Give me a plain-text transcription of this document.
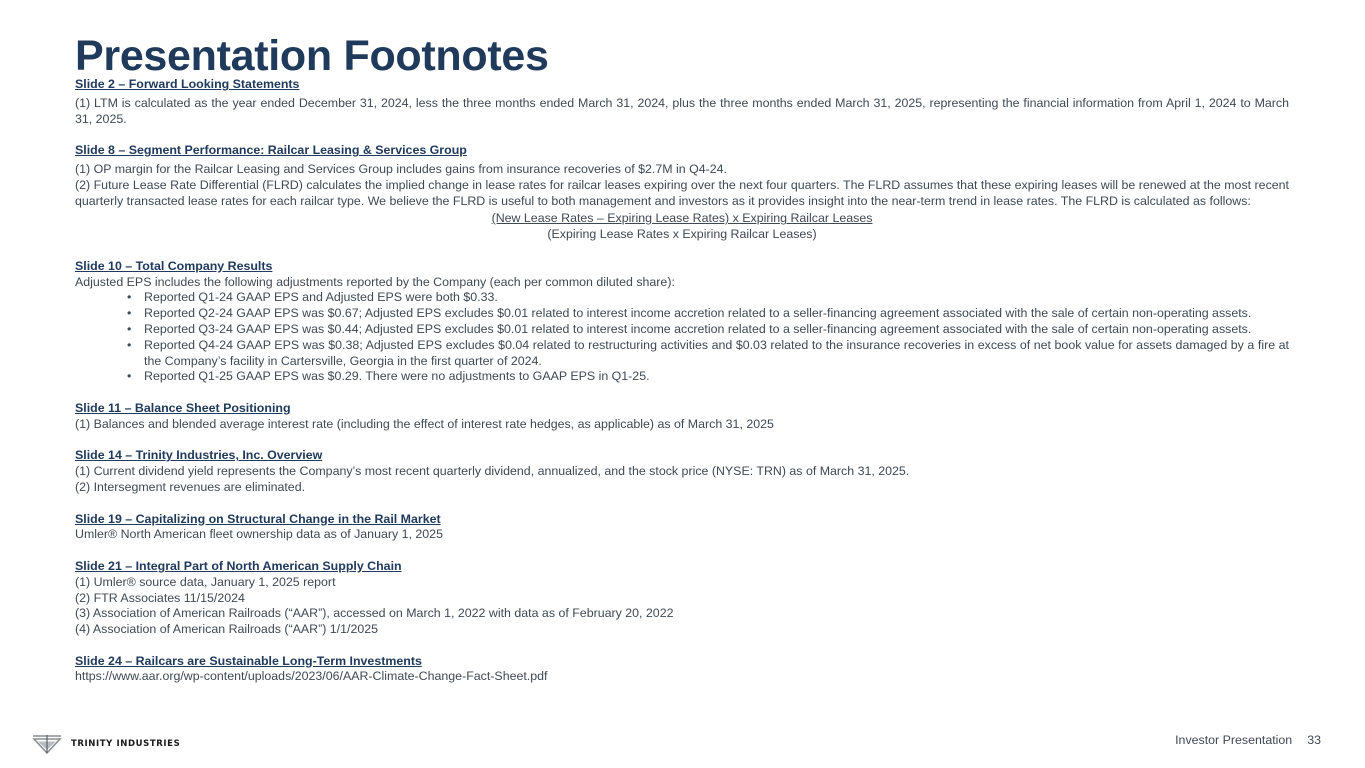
Presentation Footnotes

Slide 2 – Forward Looking Statements

(1) LTM is calculated as the year ended December 31, 2024, less the three months ended March 31, 2024, plus the three months ended March 31, 2025, representing the financial information from April 1, 2024 to March 31, 2025.

Slide 8 – Segment Performance: Railcar Leasing & Services Group

(1) OP margin for the Railcar Leasing and Services Group includes gains from insurance recoveries of $2.7M in Q4-24.

(2) Future Lease Rate Differential (FLRD) calculates the implied change in lease rates for railcar leases expiring over the next four quarters. The FLRD assumes that these expiring leases will be renewed at the most recent quarterly transacted lease rates for each railcar type. We believe the FLRD is useful to both management and investors as it provides insight into the near-term trend in lease rates. The FLRD is calculated as follows:

(New Lease Rates – Expiring Lease Rates) x Expiring Railcar Leases
(Expiring Lease Rates x Expiring Railcar Leases)

Slide 10 – Total Company Results

Adjusted EPS includes the following adjustments reported by the Company (each per common diluted share):

• Reported Q1-24 GAAP EPS and Adjusted EPS were both $0.33.
• Reported Q2-24 GAAP EPS was $0.67; Adjusted EPS excludes $0.01 related to interest income accretion related to a seller-financing agreement associated with the sale of certain non-operating assets.
• Reported Q3-24 GAAP EPS was $0.44; Adjusted EPS excludes $0.01 related to interest income accretion related to a seller-financing agreement associated with the sale of certain non-operating assets.
• Reported Q4-24 GAAP EPS was $0.38; Adjusted EPS excludes $0.04 related to restructuring activities and $0.03 related to the insurance recoveries in excess of net book value for assets damaged by a fire at the Company’s facility in Cartersville, Georgia in the first quarter of 2024.
• Reported Q1-25 GAAP EPS was $0.29. There were no adjustments to GAAP EPS in Q1-25.

Slide 11 – Balance Sheet Positioning

(1) Balances and blended average interest rate (including the effect of interest rate hedges, as applicable) as of March 31, 2025

Slide 14 – Trinity Industries, Inc. Overview

(1) Current dividend yield represents the Company’s most recent quarterly dividend, annualized, and the stock price (NYSE: TRN) as of March 31, 2025.

(2) Intersegment revenues are eliminated.

Slide 19 – Capitalizing on Structural Change in the Rail Market

Umler® North American fleet ownership data as of January 1, 2025

Slide 21 – Integral Part of North American Supply Chain

(1) Umler® source data, January 1, 2025 report

(2) FTR Associates 11/15/2024

(3) Association of American Railroads (“AAR”), accessed on March 1, 2022 with data as of February 20, 2022

(4) Association of American Railroads (“AAR”) 1/1/2025

Slide 24 – Railcars are Sustainable Long-Term Investments

https://www.aar.org/wp-content/uploads/2023/06/AAR-Climate-Change-Fact-Sheet.pdf

TRINITY INDUSTRIES	Investor Presentation 33
